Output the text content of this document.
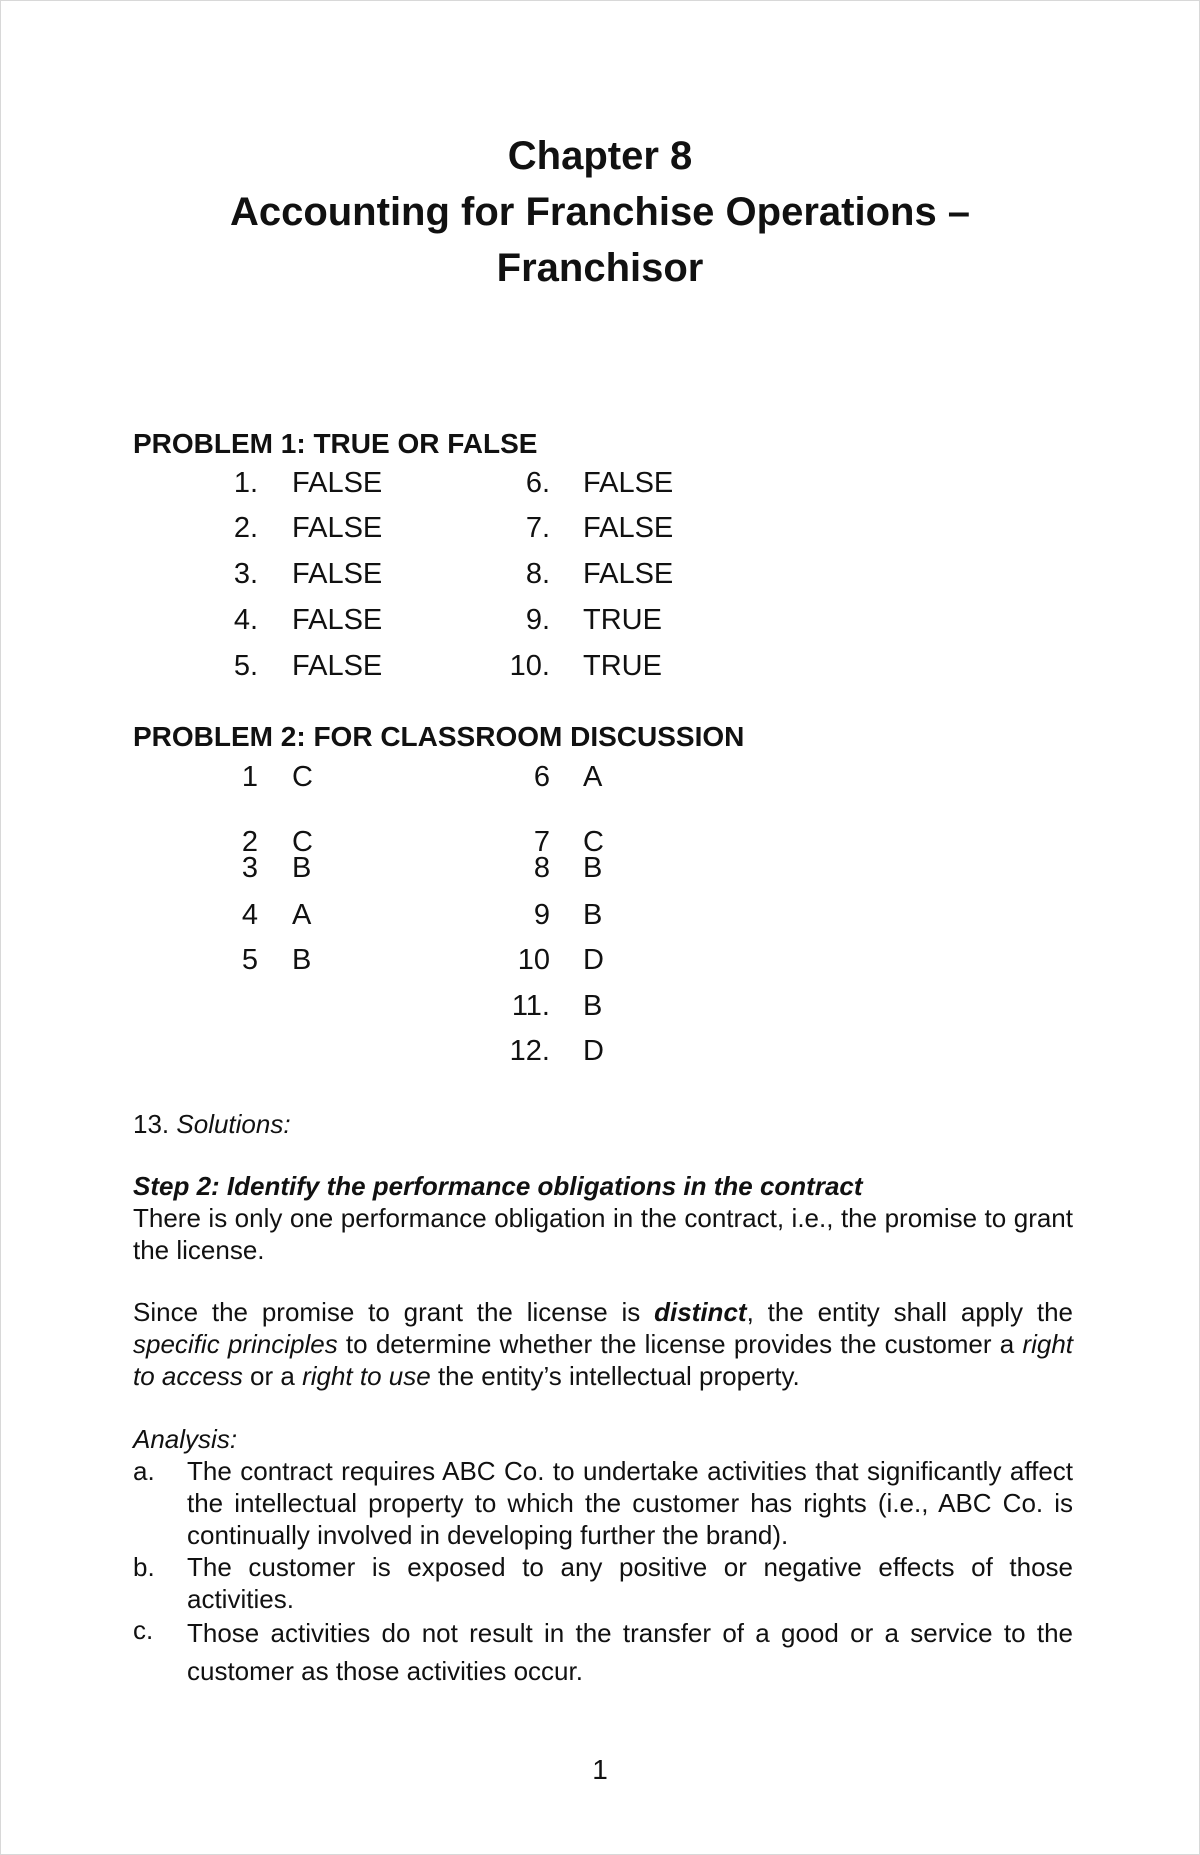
Chapter 8
Accounting for Franchise Operations –
Franchisor
PROBLEM 1: TRUE OR FALSE
1. FALSE	6. FALSE
2. FALSE	7. FALSE
3. FALSE	8. FALSE
4. FALSE	9. TRUE
5. FALSE	10. TRUE
PROBLEM 2: FOR CLASSROOM DISCUSSION
1 C	6 A
2 C	7 C
3 B	8 B
4 A	9 B
5 B	10 D
11. B
12. D
13. Solutions:
Step 2: Identify the performance obligations in the contract
There is only one performance obligation in the contract, i.e., the promise to grant the license.
Since the promise to grant the license is distinct, the entity shall apply the specific principles to determine whether the license provides the customer a right to access or a right to use the entity’s intellectual property.
Analysis:
a.	The contract requires ABC Co. to undertake activities that significantly affect the intellectual property to which the customer has rights (i.e., ABC Co. is continually involved in developing further the brand).
b.	The customer is exposed to any positive or negative effects of those activities.
c.	Those activities do not result in the transfer of a good or a service to the customer as those activities occur.
1
